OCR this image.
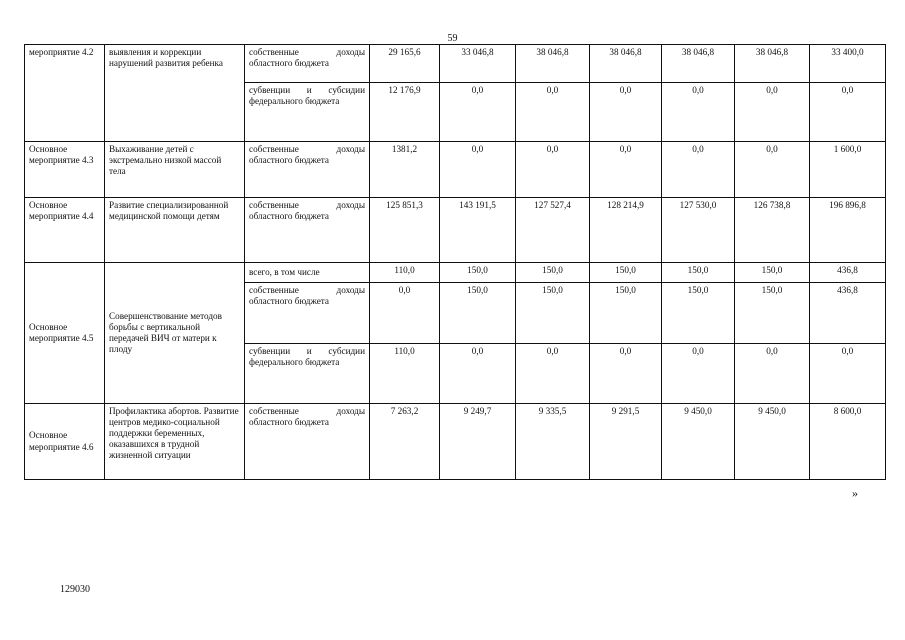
59
мероприятие 4.2	выявления и коррекции нарушений развития ребенка	собственные доходы областного бюджета	29 165,6	33 046,8	38 046,8	38 046,8	38 046,8	38 046,8	33 400,0
		субвенции и субсидии федерального бюджета	12 176,9	0,0	0,0	0,0	0,0	0,0	0,0
Основное мероприятие 4.3	Выхаживание детей с экстремально низкой массой тела	собственные доходы областного бюджета	1381,2	0,0	0,0	0,0	0,0	0,0	1 600,0
Основное мероприятие 4.4	Развитие специализированной медицинской помощи детям	собственные доходы областного бюджета	125 851,3	143 191,5	127 527,4	128 214,9	127 530,0	126 738,8	196 896,8
Основное мероприятие 4.5	Совершенствование методов борьбы с вертикальной передачей ВИЧ от матери к плоду	всего, в том числе	110,0	150,0	150,0	150,0	150,0	150,0	436,8
		собственные доходы областного бюджета	0,0	150,0	150,0	150,0	150,0	150,0	436,8
		субвенции и субсидии федерального бюджета	110,0	0,0	0,0	0,0	0,0	0,0	0,0
Основное мероприятие 4.6	Профилактика абортов. Развитие центров медико-социальной поддержки беременных, оказавшихся в трудной жизненной ситуации	собственные доходы областного бюджета	7 263,2	9 249,7	9 335,5	9 291,5	9 450,0	9 450,0	8 600,0
»
129030
